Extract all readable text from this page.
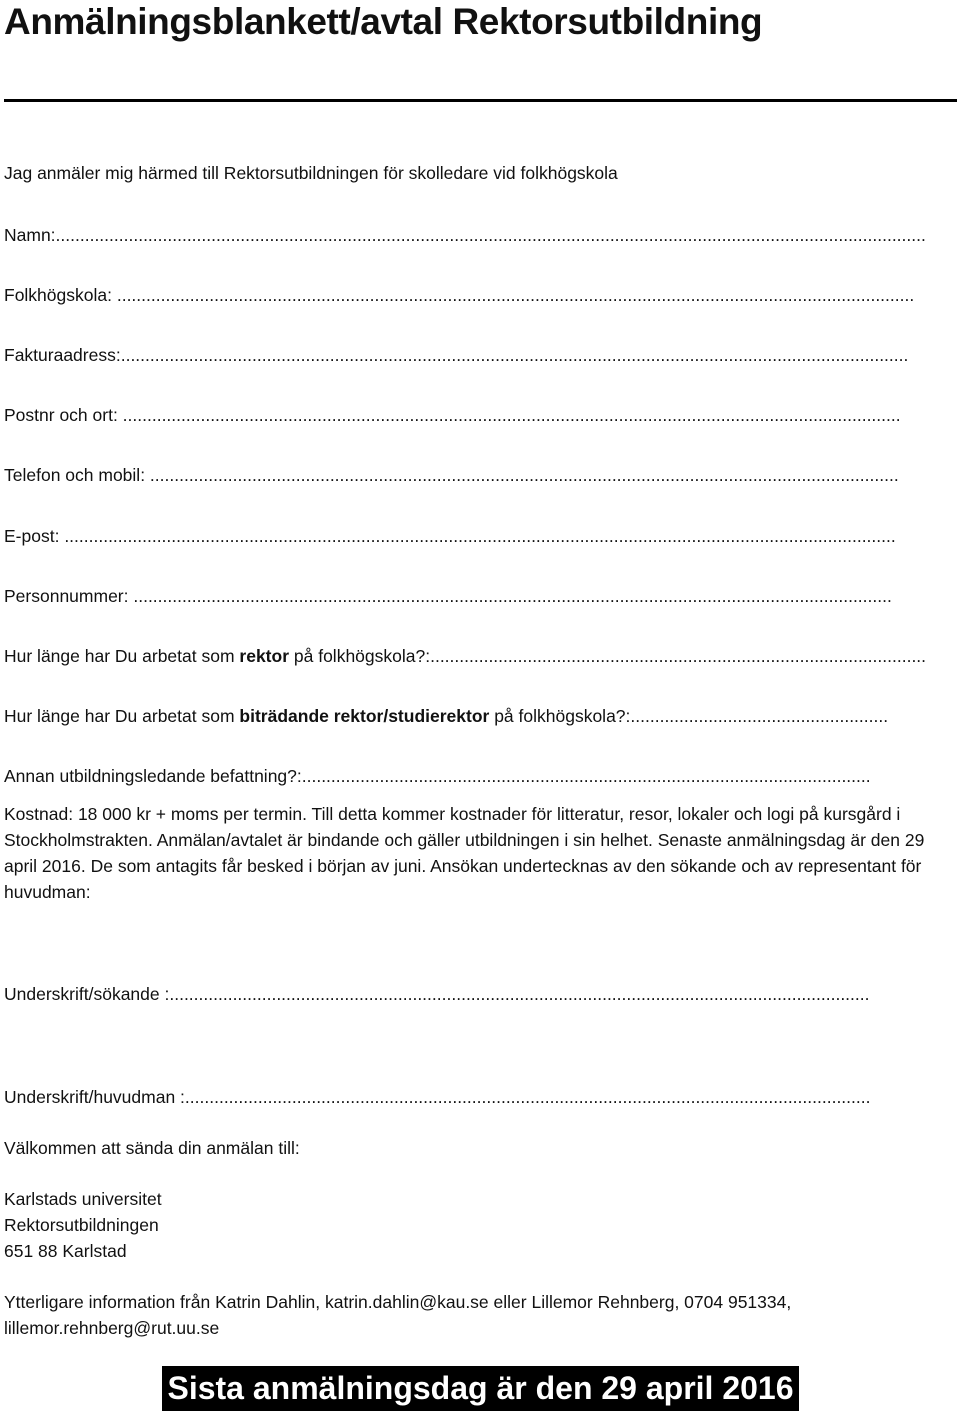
Anmälningsblankett/avtal Rektorsutbildning
Jag anmäler mig härmed till Rektorsutbildningen för skolledare vid folkhögskola
Namn:...................................................................................................................................................................................
Folkhögskola: ....................................................................................................................................................................
Fakturaadress:..................................................................................................................................................................
Postnr och ort: ................................................................................................................................................................
Telefon och mobil: ..........................................................................................................................................................
E-post: ...........................................................................................................................................................................
Personnummer: ............................................................................................................................................................
Hur länge har Du arbetat som rektor på folkhögskola?:......................................................................................................
Hur länge har Du arbetat som biträdande rektor/studierektor på folkhögskola?:.....................................................
Annan utbildningsledande befattning?:.....................................................................................................................

Kostnad: 18 000 kr + moms per termin. Till detta kommer kostnader för litteratur, resor, lokaler och logi på kursgård i Stockholmstrakten. Anmälan/avtalet är bindande och gäller utbildningen i sin helhet. Senaste anmälningsdag är den 29 april 2016. De som antagits får besked i början av juni. Ansökan undertecknas av den sökande och av representant för huvudman:

Underskrift/sökande :................................................................................................................................................
Underskrift/huvudman :.............................................................................................................................................
Välkommen att sända din anmälan till:

Karlstads universitet
Rektorsutbildningen
651 88 Karlstad

Ytterligare information från Katrin Dahlin, katrin.dahlin@kau.se eller Lillemor Rehnberg, 0704 951334, lillemor.rehnberg@rut.uu.se

Sista anmälningsdag är den 29 april 2016
